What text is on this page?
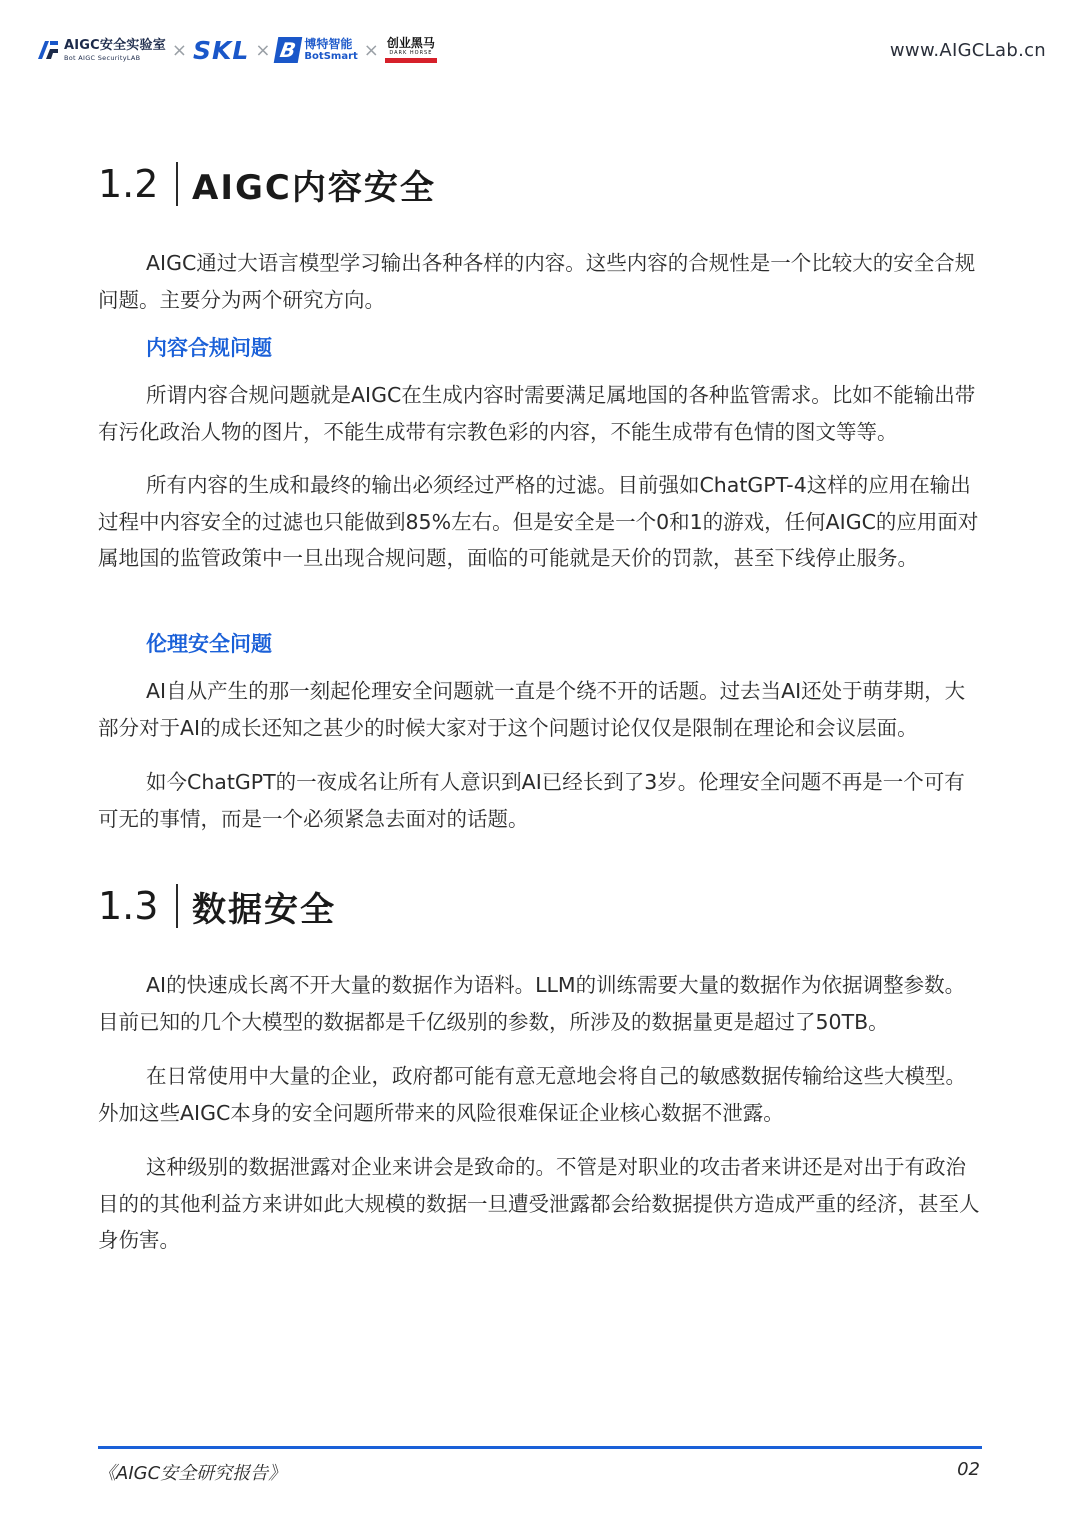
AIGC安全实验室
Bot AIGC SecurityLAB	× SKL × B 博特智能
BotSmart × 创业黑马
DARK HORSE	www.AIGCLab.cn
1.2 AIGC内容安全

AIGC通过大语言模型学习输出各种各样的内容。这些内容的合规性是一个比较大的安全合规问题。主要分为两个研究方向。

内容合规问题

所谓内容合规问题就是AIGC在生成内容时需要满足属地国的各种监管需求。比如不能输出带有污化政治人物的图片，不能生成带有宗教色彩的内容，不能生成带有色情的图文等等。

所有内容的生成和最终的输出必须经过严格的过滤。目前强如ChatGPT-4这样的应用在输出过程中内容安全的过滤也只能做到85%左右。但是安全是一个0和1的游戏，任何AIGC的应用面对属地国的监管政策中一旦出现合规问题，面临的可能就是天价的罚款，甚至下线停止服务。

伦理安全问题

AI自从产生的那一刻起伦理安全问题就一直是个绕不开的话题。过去当AI还处于萌芽期，大部分对于AI的成长还知之甚少的时候大家对于这个问题讨论仅仅是限制在理论和会议层面。

如今ChatGPT的一夜成名让所有人意识到AI已经长到了3岁。伦理安全问题不再是一个可有可无的事情，而是一个必须紧急去面对的话题。

1.3 数据安全

AI的快速成长离不开大量的数据作为语料。LLM的训练需要大量的数据作为依据调整参数。目前已知的几个大模型的数据都是千亿级别的参数，所涉及的数据量更是超过了50TB。

在日常使用中大量的企业，政府都可能有意无意地会将自己的敏感数据传输给这些大模型。外加这些AIGC本身的安全问题所带来的风险很难保证企业核心数据不泄露。

这种级别的数据泄露对企业来讲会是致命的。不管是对职业的攻击者来讲还是对出于有政治目的的其他利益方来讲如此大规模的数据一旦遭受泄露都会给数据提供方造成严重的经济，甚至人身伤害。

《AIGC安全研究报告》	02
